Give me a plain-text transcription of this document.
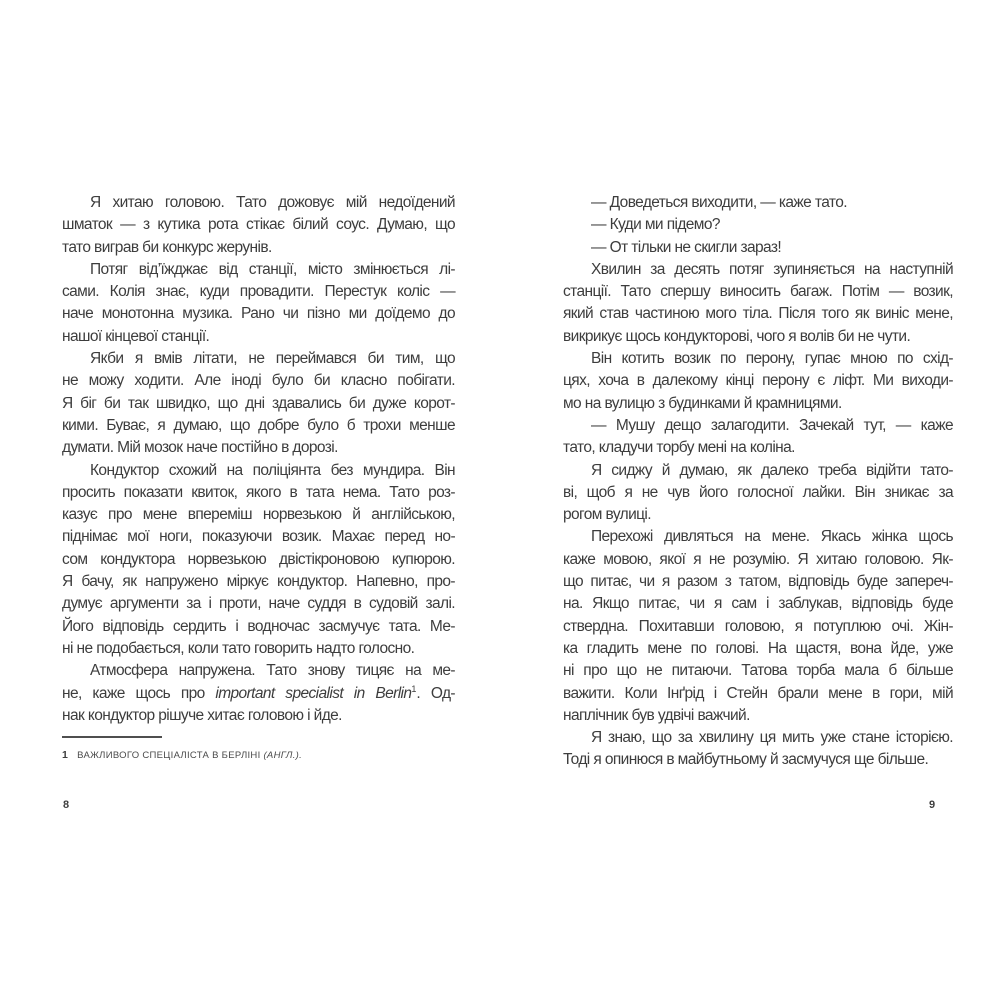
Я хитаю головою. Тато дожовує мій недоїдений
шматок — з кутика рота стікає білий соус. Думаю, що
тато виграв би конкурс жерунів.
Потяг від’їжджає від станції, місто змінюється лі-
сами. Колія знає, куди провадити. Перестук коліс —
наче монотонна музика. Рано чи пізно ми доїдемо до
нашої кінцевої станції.
Якби я вмів літати, не переймався би тим, що
не можу ходити. Але іноді було би класно побігати.
Я біг би так швидко, що дні здавались би дуже корот-
кими. Буває, я думаю, що добре було б трохи менше
думати. Мій мозок наче постійно в дорозі.
Кондуктор схожий на поліціянта без мундира. Він
просить показати квиток, якого в тата нема. Тато роз-
казує про мене впереміш норвезькою й англійською,
піднімає мої ноги, показуючи возик. Махає перед но-
сом кондуктора норвезькою двістікроновою купюрою.
Я бачу, як напружено міркує кондуктор. Напевно, про-
думує аргументи за і проти, наче суддя в судовій залі.
Його відповідь сердить і водночас засмучує тата. Ме-
ні не подобається, коли тато говорить надто голосно.
Атмосфера напружена. Тато знову тицяє на ме-
не, каже щось про important specialist in Berlin$^1$. Од-
нак кондуктор рішуче хитає головою і йде.
— Доведеться виходити, — каже тато.
— Куди ми підемо?
— От тільки не скигли зараз!
Хвилин за десять потяг зупиняється на наступній
станції. Тато спершу виносить багаж. Потім — возик,
який став частиною мого тіла. Після того як виніс мене,
викрикує щось кондукторові, чого я волів би не чути.
Він котить возик по перону, гупає мною по схід-
цях, хоча в далекому кінці перону є ліфт. Ми виходи-
мо на вулицю з будинками й крамницями.
— Мушу дещо залагодити. Зачекай тут, — каже
тато, кладучи торбу мені на коліна.
Я сиджу й думаю, як далеко треба відійти тато-
ві, щоб я не чув його голосної лайки. Він зникає за
рогом вулиці.
Перехожі дивляться на мене. Якась жінка щось
каже мовою, якої я не розумію. Я хитаю головою. Як-
що питає, чи я разом з татом, відповідь буде запереч-
на. Якщо питає, чи я сам і заблукав, відповідь буде
ствердна. Похитавши головою, я потуплюю очі. Жін-
ка гладить мене по голові. На щастя, вона йде, уже
ні про що не питаючи. Татова торба мала б більше
важити. Коли Інґрід і Стейн брали мене в гори, мій
наплічник був удвічі важчий.
Я знаю, що за хвилину ця мить уже стане історією.
Тоді я опинюся в майбутньому й засмучуся ще більше.
1 ВАЖЛИВОГО СПЕЦІАЛІСТА В БЕРЛІНІ (АНГЛ.).
8	9
